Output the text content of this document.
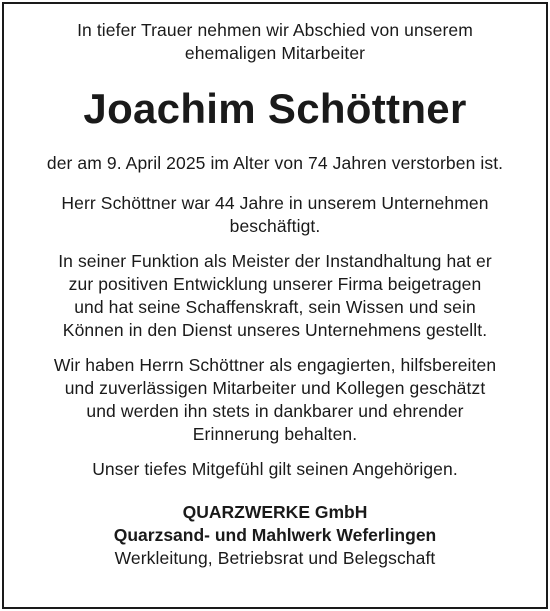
In tiefer Trauer nehmen wir Abschied von unserem
ehemaligen Mitarbeiter
Joachim Schöttner
der am 9. April 2025 im Alter von 74 Jahren verstorben ist.
Herr Schöttner war 44 Jahre in unserem Unternehmen
beschäftigt.
In seiner Funktion als Meister der Instandhaltung hat er
zur positiven Entwicklung unserer Firma beigetragen
und hat seine Schaffenskraft, sein Wissen und sein
Können in den Dienst unseres Unternehmens gestellt.
Wir haben Herrn Schöttner als engagierten, hilfsbereiten
und zuverlässigen Mitarbeiter und Kollegen geschätzt
und werden ihn stets in dankbarer und ehrender
Erinnerung behalten.
Unser tiefes Mitgefühl gilt seinen Angehörigen.
QUARZWERKE GmbH
Quarzsand- und Mahlwerk Weferlingen
Werkleitung, Betriebsrat und Belegschaft
